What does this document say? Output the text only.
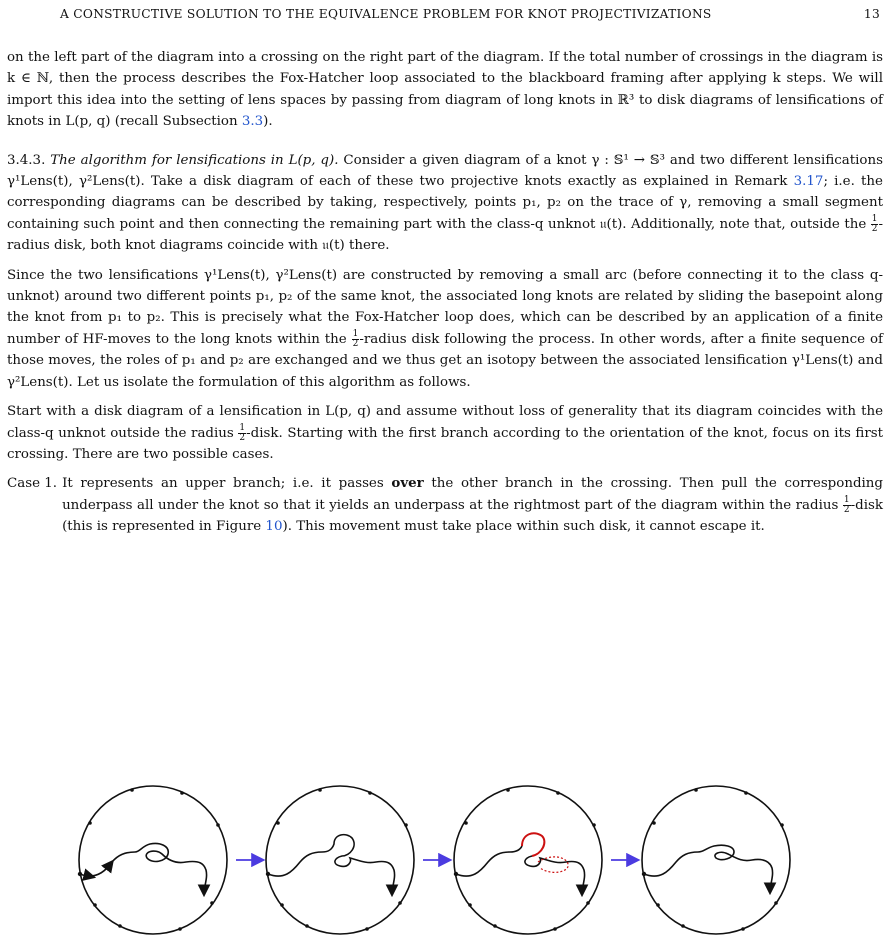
A CONSTRUCTIVE SOLUTION TO THE EQUIVALENCE PROBLEM FOR KNOT PROJECTIVIZATIONS	13

on the left part of the diagram into a crossing on the right part of the diagram. If the total number of crossings in the diagram is k ∈ ℕ, then the process describes the Fox-Hatcher loop associated to the blackboard framing after applying k steps. We will import this idea into the setting of lens spaces by passing from diagram of long knots in ℝ³ to disk diagrams of lensifications of knots in L(p, q) (recall Subsection 3.3).

3.4.3. The algorithm for lensifications in L(p, q). Consider a given diagram of a knot γ : 𝕊¹ → 𝕊³ and two different lensifications γ¹Lens(t), γ²Lens(t). Take a disk diagram of each of these two projective knots exactly as explained in Remark 3.17; i.e. the corresponding diagrams can be described by taking, respectively, points p₁, p₂ on the trace of γ, removing a small segment containing such point and then connecting the remaining part with the class-q unknot 𝔲(t). Additionally, note that, outside the $\frac{1}{2}$ -radius disk, both knot diagrams coincide with 𝔲(t) there.

Since the two lensifications γ¹Lens(t), γ²Lens(t) are constructed by removing a small arc (before connecting it to the class q-unknot) around two different points p₁, p₂ of the same knot, the associated long knots are related by sliding the basepoint along the knot from p₁ to p₂. This is precisely what the Fox-Hatcher loop does, which can be described by an application of a finite number of HF-moves to the long knots within the $\frac{1}{2}$ -radius disk following the process. In other words, after a finite sequence of those moves, the roles of p₁ and p₂ are exchanged and we thus get an isotopy between the associated lensification γ¹Lens(t) and γ²Lens(t). Let us isolate the formulation of this algorithm as follows.

Start with a disk diagram of a lensification in L(p, q) and assume without loss of generality that its diagram coincides with the class-q unknot outside the radius $\frac{1}{2}$ -disk. Starting with the first branch according to the orientation of the knot, focus on its first crossing. There are two possible cases.

Case 1. It represents an upper branch; i.e. it passes over the other branch in the crossing. Then pull the corresponding underpass all under the knot so that it yields an underpass at the rightmost part of the diagram within the radius $\frac{1}{2}$ -disk (this is represented in Figure 10). This movement must take place within such disk, it cannot escape it.
